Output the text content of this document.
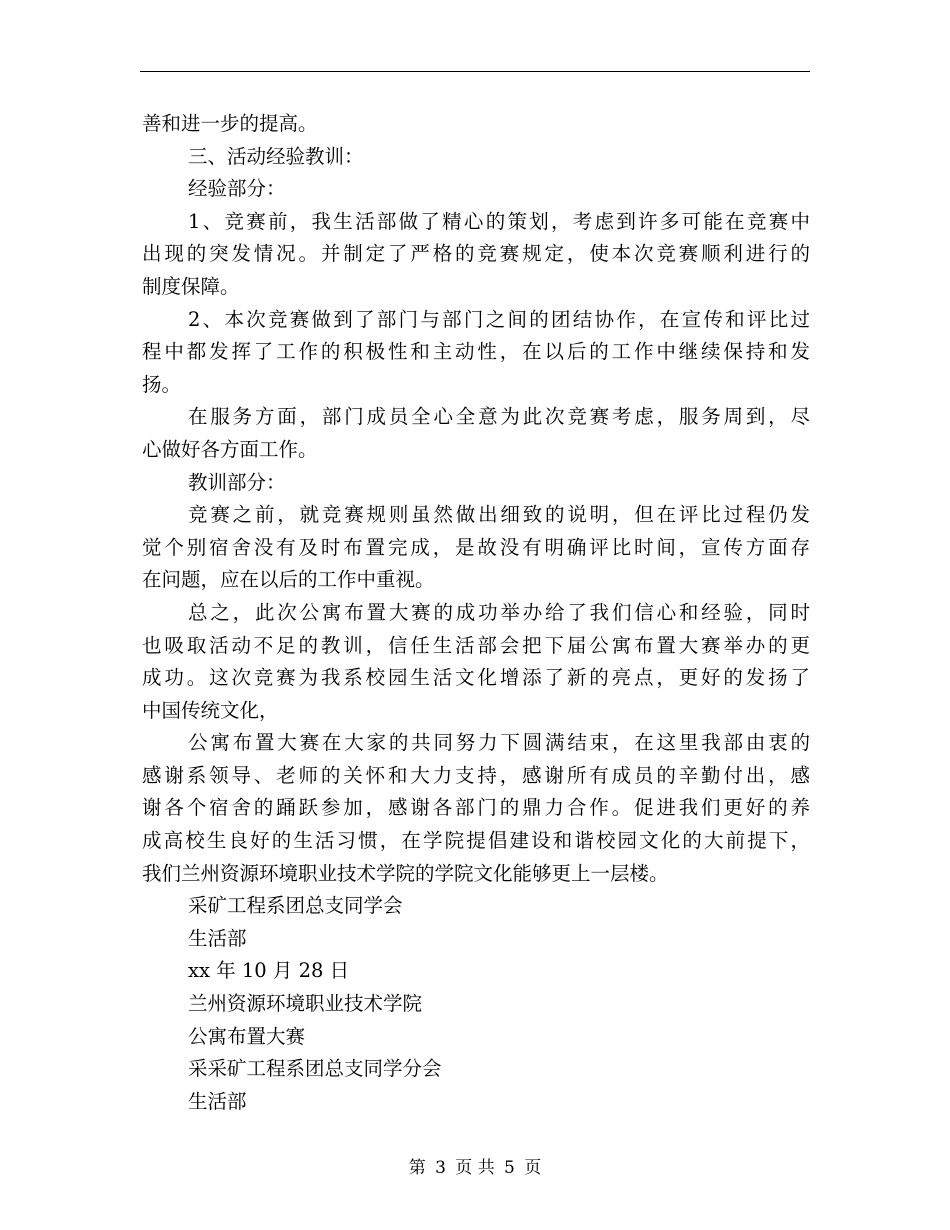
善和进一步的提高。
三、活动经验教训：
经验部分：
1、竞赛前，我生活部做了精心的策划，考虑到许多可能在竞赛中
出现的突发情况。并制定了严格的竞赛规定，使本次竞赛顺利进行的
制度保障。
2、本次竞赛做到了部门与部门之间的团结协作，在宣传和评比过
程中都发挥了工作的积极性和主动性，在以后的工作中继续保持和发
扬。
在服务方面，部门成员全心全意为此次竞赛考虑，服务周到，尽
心做好各方面工作。
教训部分：
竞赛之前，就竞赛规则虽然做出细致的说明，但在评比过程仍发
觉个别宿舍没有及时布置完成，是故没有明确评比时间，宣传方面存
在问题，应在以后的工作中重视。
总之，此次公寓布置大赛的成功举办给了我们信心和经验，同时
也吸取活动不足的教训，信任生活部会把下届公寓布置大赛举办的更
成功。这次竞赛为我系校园生活文化增添了新的亮点，更好的发扬了
中国传统文化，
公寓布置大赛在大家的共同努力下圆满结束，在这里我部由衷的
感谢系领导、老师的关怀和大力支持，感谢所有成员的辛勤付出，感
谢各个宿舍的踊跃参加，感谢各部门的鼎力合作。促进我们更好的养
成高校生良好的生活习惯，在学院提倡建设和谐校园文化的大前提下，
我们兰州资源环境职业技术学院的学院文化能够更上一层楼。
采矿工程系团总支同学会
生活部
xx 年 10 月 28 日
兰州资源环境职业技术学院
公寓布置大赛
采采矿工程系团总支同学分会
生活部
第 3 页 共 5 页
